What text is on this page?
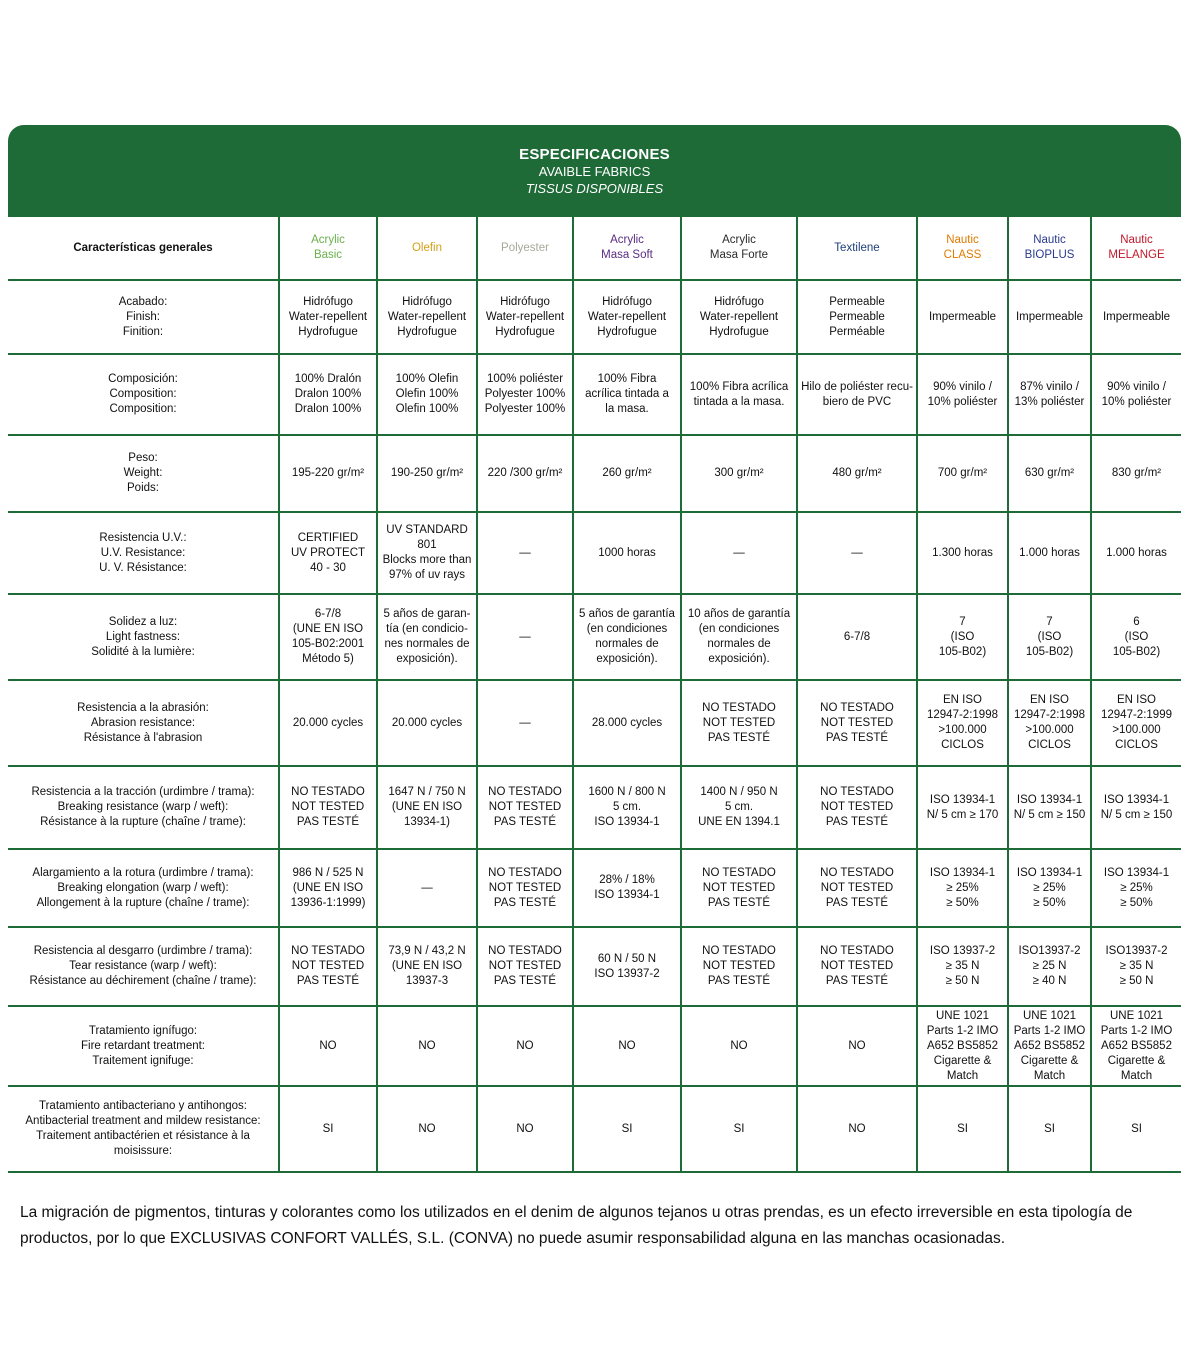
ESPECIFICACIONES
AVAIBLE FABRICS
TISSUS DISPONIBLES
Características generales	Acrylic
Basic	Olefin	Polyester	Acrylic
Masa Soft	Acrylic
Masa Forte	Textilene	Nautic
CLASS	Nautic
BIOPLUS	Nautic
MELANGE
Acabado:
Finish:
Finition:	Hidrófugo
Water-repellent
Hydrofugue	Hidrófugo
Water-repellent
Hydrofugue	Hidrófugo
Water-repellent
Hydrofugue	Hidrófugo
Water-repellent
Hydrofugue	Hidrófugo
Water-repellent
Hydrofugue	Permeable
Permeable
Perméable	Impermeable	Impermeable	Impermeable
Composición:
Composition:
Composition:	100% Dralón
Dralon 100%
Dralon 100%	100% Olefin
Olefin 100%
Olefin 100%	100% poliéster
Polyester 100%
Polyester 100%	100% Fibra
acrílica tintada a
la masa.	100% Fibra acrílica
tintada a la masa.	Hilo de poliéster recu-
biero de PVC	90% vinilo /
10% poliéster	87% vinilo /
13% poliéster	90% vinilo /
10% poliéster
Peso:
Weight:
Poids:	195-220 gr/m²	190-250 gr/m²	220 /300 gr/m²	260 gr/m²	300 gr/m²	480 gr/m²	700 gr/m²	630 gr/m²	830 gr/m²
Resistencia U.V.:
U.V. Resistance:
U. V. Résistance:	CERTIFIED
UV PROTECT
40 - 30	UV STANDARD
801
Blocks more than
97% of uv rays	—	1000 horas	—	—	1.300 horas	1.000 horas	1.000 horas
Solidez a luz:
Light fastness:
Solidité à la lumière:	6-7/8
(UNE EN ISO
105-B02:2001
Método 5)	5 años de garan-
tía (en condicio-
nes normales de
exposición).	—	5 años de garantía
(en condiciones
normales de
exposición).	10 años de garantía
(en condiciones
normales de
exposición).	6-7/8	7
(ISO
105-B02)	7
(ISO
105-B02)	6
(ISO
105-B02)
Resistencia a la abrasión:
Abrasion resistance:
Résistance à l'abrasion	20.000 cycles	20.000 cycles	—	28.000 cycles	NO TESTADO
NOT TESTED
PAS TESTÉ	NO TESTADO
NOT TESTED
PAS TESTÉ	EN ISO
12947-2:1998
>100.000
CICLOS	EN ISO
12947-2:1998
>100.000
CICLOS	EN ISO
12947-2:1999
>100.000
CICLOS
Resistencia a la tracción (urdimbre / trama):
Breaking resistance (warp / weft):
Résistance à la rupture (chaîne / trame):	NO TESTADO
NOT TESTED
PAS TESTÉ	1647 N / 750 N
(UNE EN ISO
13934-1)	NO TESTADO
NOT TESTED
PAS TESTÉ	1600 N / 800 N
5 cm.
ISO 13934-1	1400 N / 950 N
5 cm.
UNE EN 1394.1	NO TESTADO
NOT TESTED
PAS TESTÉ	ISO 13934-1
N/ 5 cm ≥ 170	ISO 13934-1
N/ 5 cm ≥ 150	ISO 13934-1
N/ 5 cm ≥ 150
Alargamiento a la rotura (urdimbre / trama):
Breaking elongation (warp / weft):
Allongement à la rupture (chaîne / trame):	986 N / 525 N
(UNE EN ISO
13936-1:1999)	—	NO TESTADO
NOT TESTED
PAS TESTÉ	28% / 18%
ISO 13934-1	NO TESTADO
NOT TESTED
PAS TESTÉ	NO TESTADO
NOT TESTED
PAS TESTÉ	ISO 13934-1
≥ 25%
≥ 50%	ISO 13934-1
≥ 25%
≥ 50%	ISO 13934-1
≥ 25%
≥ 50%
Resistencia al desgarro (urdimbre / trama):
Tear resistance (warp / weft):
Résistance au déchirement (chaîne / trame):	NO TESTADO
NOT TESTED
PAS TESTÉ	73,9 N / 43,2 N
(UNE EN ISO
13937-3	NO TESTADO
NOT TESTED
PAS TESTÉ	60 N / 50 N
ISO 13937-2	NO TESTADO
NOT TESTED
PAS TESTÉ	NO TESTADO
NOT TESTED
PAS TESTÉ	ISO 13937-2
≥ 35 N
≥ 50 N	ISO13937-2
≥ 25 N
≥ 40 N	ISO13937-2
≥ 35 N
≥ 50 N
Tratamiento ignífugo:
Fire retardant treatment:
Traitement ignifuge:	NO	NO	NO	NO	NO	NO	UNE 1021
Parts 1-2 IMO
A652 BS5852
Cigarette &
Match	UNE 1021
Parts 1-2 IMO
A652 BS5852
Cigarette &
Match	UNE 1021
Parts 1-2 IMO
A652 BS5852
Cigarette &
Match
Tratamiento antibacteriano y antihongos:
Antibacterial treatment and mildew resistance:
Traitement antibactérien et résistance à la
moisissure:	SI	NO	NO	SI	SI	NO	SI	SI	SI
La migración de pigmentos, tinturas y colorantes como los utilizados en el denim de algunos tejanos u otras prendas, es un efecto irreversible en esta tipología de productos, por lo que EXCLUSIVAS CONFORT VALLÉS, S.L. (CONVA) no puede asumir responsabilidad alguna en las manchas ocasionadas.
